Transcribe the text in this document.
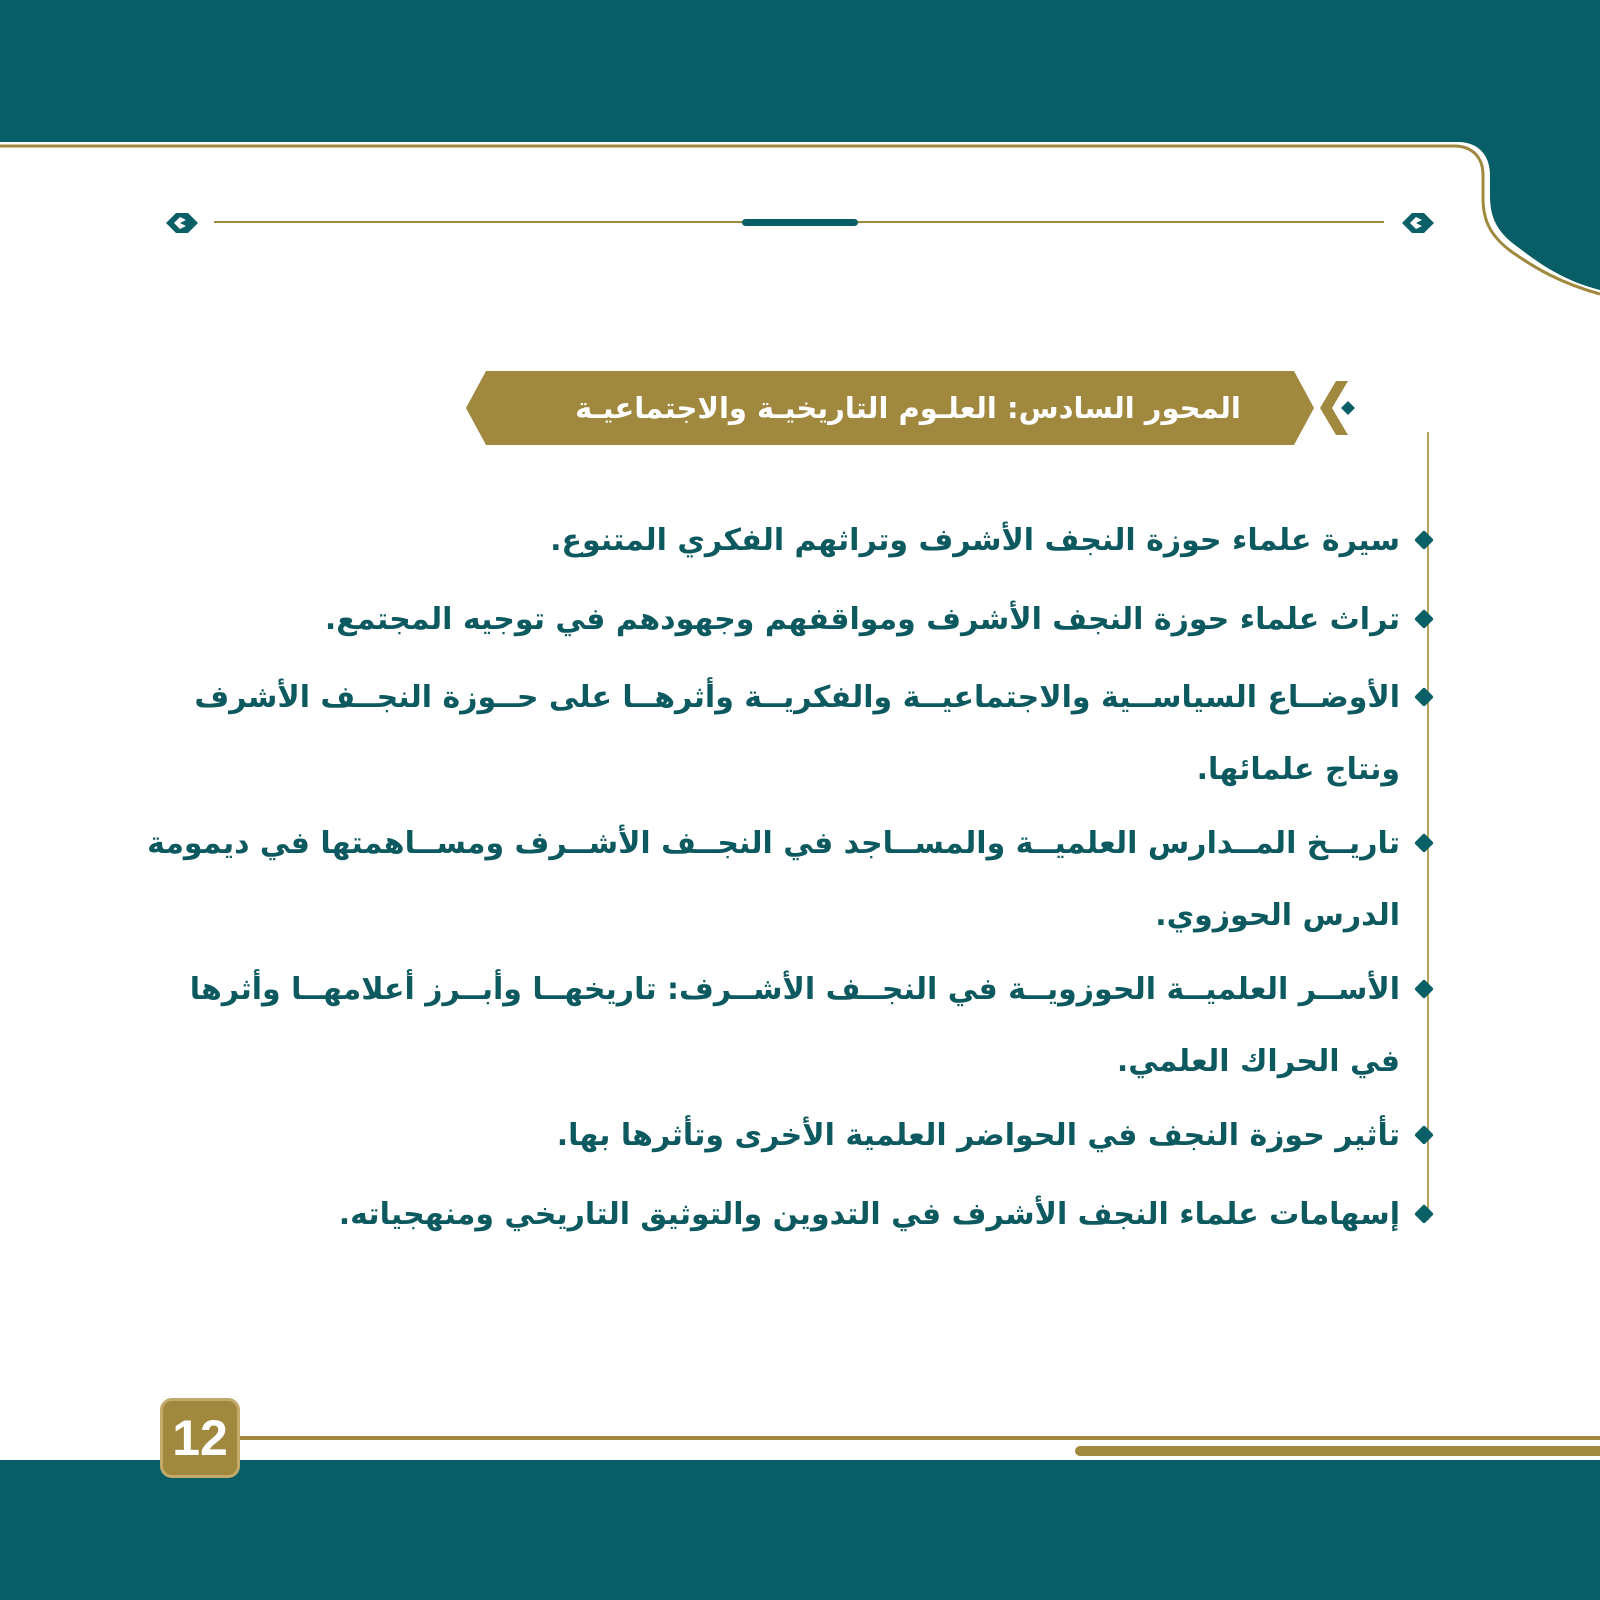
المحور السادس: العلـوم التاريخيـة والاجتماعيـة

سيرة علماء حوزة النجف الأشرف وتراثهم الفكري المتنوع.

تراث علماء حوزة النجف الأشرف ومواقفهم وجهودهم في توجيه المجتمع.

الأوضــاع السياســية والاجتماعيــة والفكريــة وأثرهــا على حــوزة النجــف الأشرف ونتاج علمائها.

تاريــخ المــدارس العلميــة والمســاجد في النجــف الأشــرف ومســاهمتها في ديمومة الدرس الحوزوي.

الأســر العلميــة الحوزويــة في النجــف الأشــرف: تاريخهــا وأبــرز أعلامهــا وأثرها في الحراك العلمي.

تأثير حوزة النجف في الحواضر العلمية الأخرى وتأثرها بها.

إسهامات علماء النجف الأشرف في التدوين والتوثيق التاريخي ومنهجياته.

12
